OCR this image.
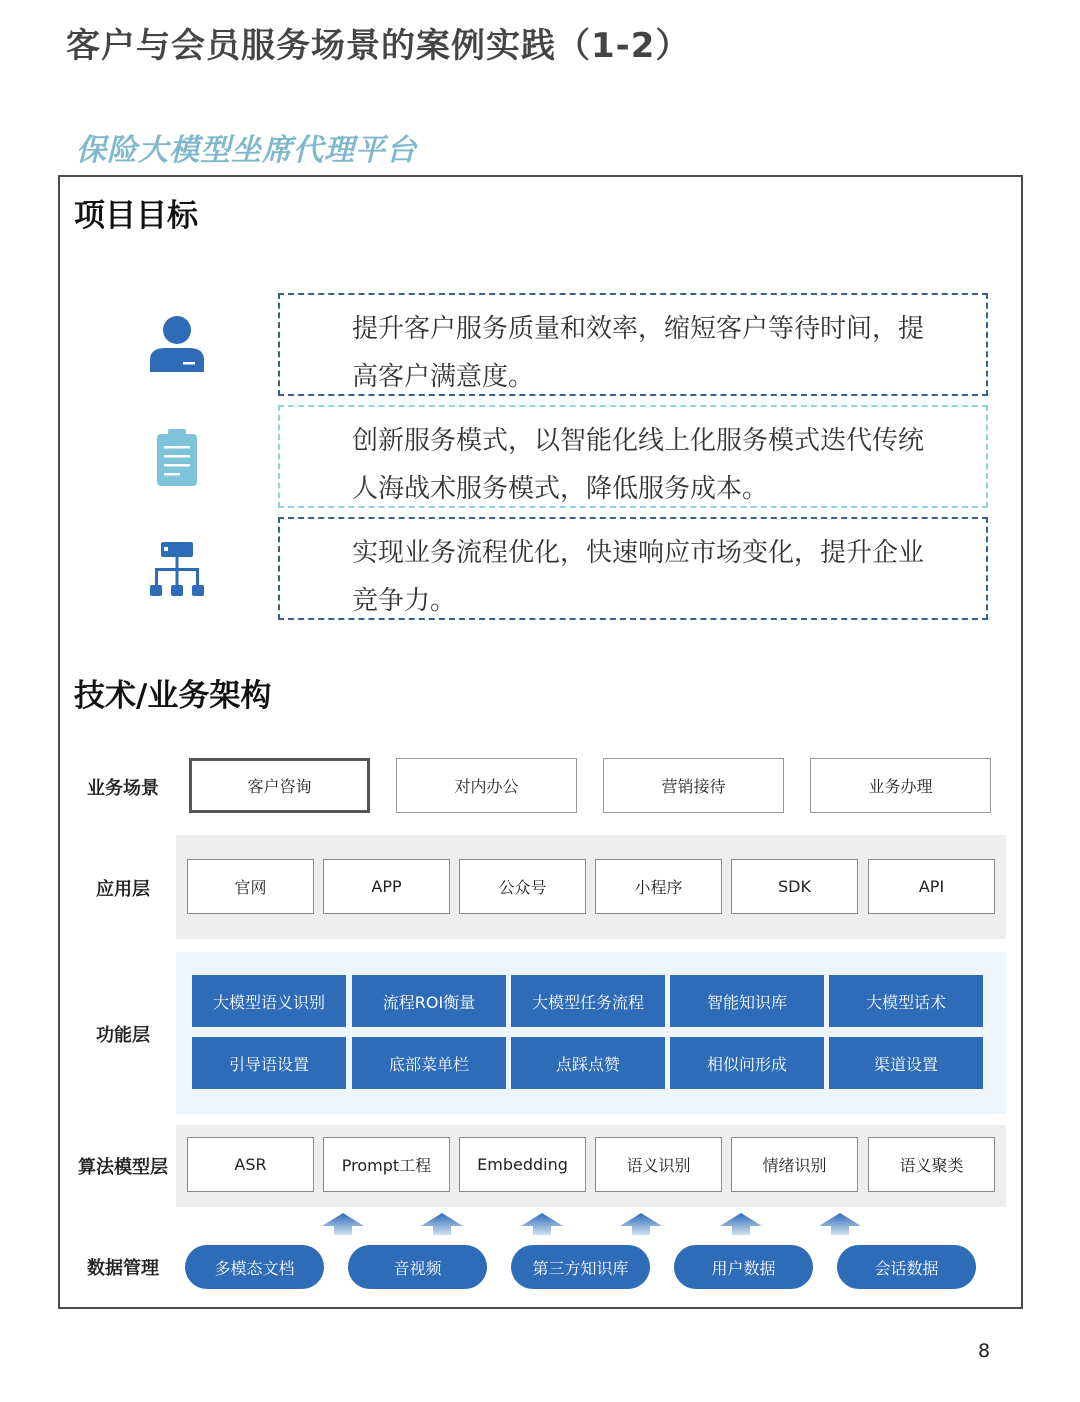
客户与会员服务场景的案例实践（1-2）
保险大模型坐席代理平台
项目目标
提升客户服务质量和效率，缩短客户等待时间，提
高客户满意度。
创新服务模式，以智能化线上化服务模式迭代传统
人海战术服务模式，降低服务成本。
实现业务流程优化，快速响应市场变化，提升企业
竞争力。
技术/业务架构
业务场景	客户咨询	对内办公	营销接待	业务办理
应用层	官网	APP	公众号	小程序	SDK	API
功能层
大模型语义识别	流程ROI衡量	大模型任务流程	智能知识库	大模型话术
引导语设置	底部菜单栏	点踩点赞	相似问形成	渠道设置
算法模型层	ASR	Prompt工程	Embedding	语义识别	情绪识别	语义聚类
数据管理	多模态文档	音视频	第三方知识库	用户数据	会话数据
8
